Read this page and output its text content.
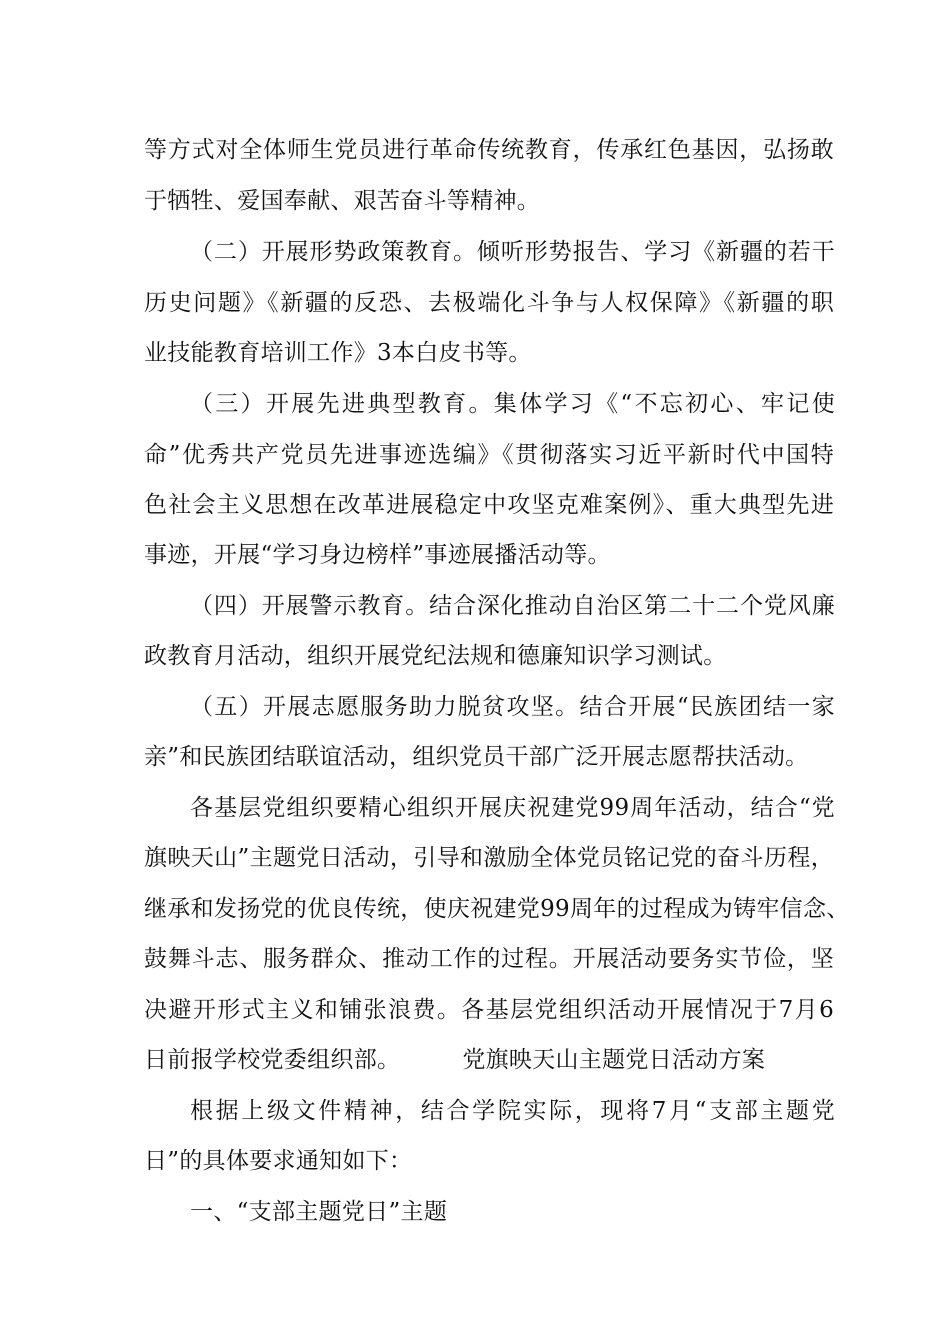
等方式对全体师生党员进行革命传统教育，传承红色基因，弘扬敢
于牺牲、爱国奉献、艰苦奋斗等精神。
（二）开展形势政策教育。倾听形势报告、学习《新疆的若干
历史问题》《新疆的反恐、去极端化斗争与人权保障》《新疆的职
业技能教育培训工作》3本白皮书等。
（三）开展先进典型教育。集体学习《“不忘初心、牢记使
命”优秀共产党员先进事迹选编》《贯彻落实习近平新时代中国特
色社会主义思想在改革进展稳定中攻坚克难案例》、重大典型先进
事迹，开展“学习身边榜样”事迹展播活动等。
（四）开展警示教育。结合深化推动自治区第二十二个党风廉
政教育月活动，组织开展党纪法规和德廉知识学习测试。
（五）开展志愿服务助力脱贫攻坚。结合开展“民族团结一家
亲”和民族团结联谊活动，组织党员干部广泛开展志愿帮扶活动。
各基层党组织要精心组织开展庆祝建党99周年活动，结合“党
旗映天山”主题党日活动，引导和激励全体党员铭记党的奋斗历程，
继承和发扬党的优良传统，使庆祝建党99周年的过程成为铸牢信念、
鼓舞斗志、服务群众、推动工作的过程。开展活动要务实节俭，坚
决避开形式主义和铺张浪费。各基层党组织活动开展情况于7月6
日前报学校党委组织部。	党旗映天山主题党日活动方案
根据上级文件精神，结合学院实际，现将7月“支部主题党
日”的具体要求通知如下：
一、“支部主题党日”主题
